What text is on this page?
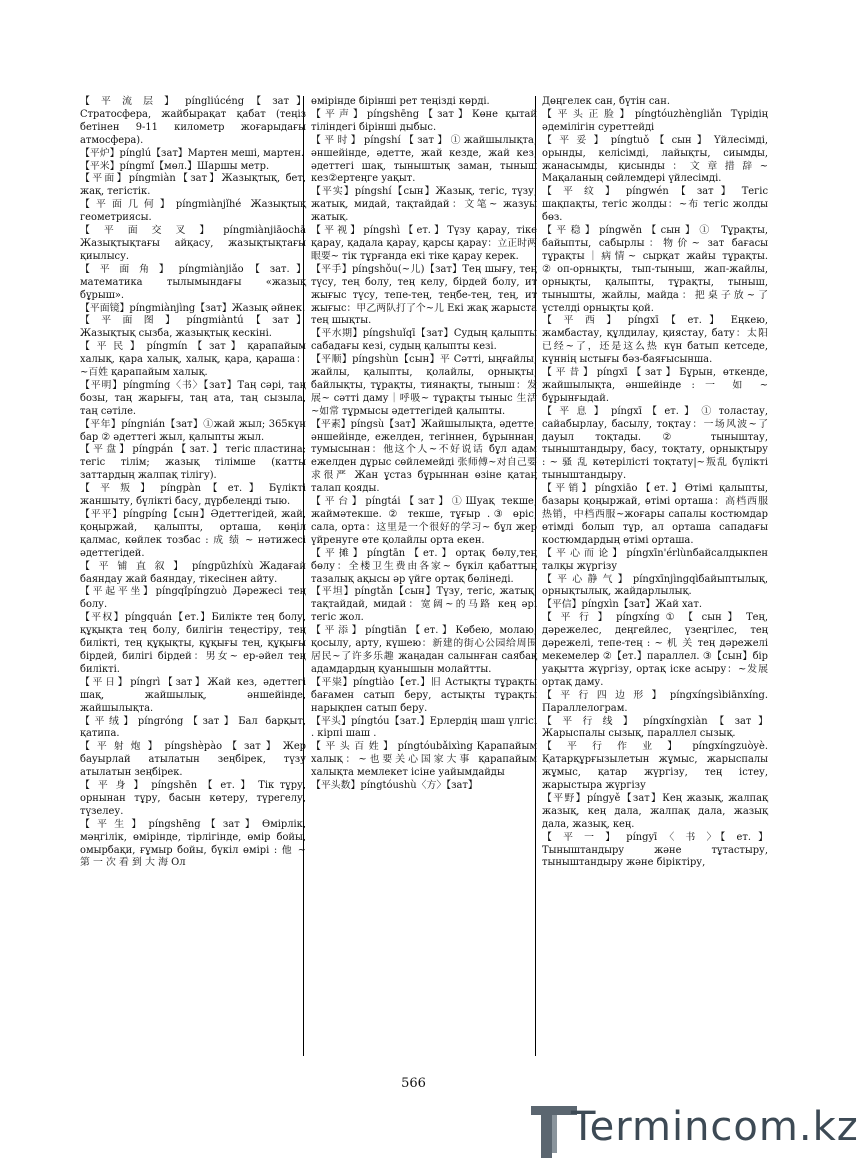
【 平 流 层 】 píngliúcéng 【 зат 】 Стратосфера, жайбырақат қабат (теңіз бетінен 9-11 километр жоғарыдағы атмосфера).

【平炉】pínglú【зат】Мартен меші, мартен.

【平米】píngmǐ【мөл.】Шаршы метр.

【平面】píngmiàn【зат】Жазықтық, бет, жақ, тегістік.

【平面几何】píngmiànjǐhé Жазықтық геометриясы.

【 平 面 交 叉 】 píngmiànjiāochā Жазықтықтағы айқасу, жазықтықтағы қиылысу.

【 平 面 角 】 píngmiànjiǎo 【 зат. 】 математика тылымындағы «жазық бұрыш».

【平面镜】píngmiànjìng【зат】Жазық әйнек.

【 平 面 图 】 píngmiàntú 【 зат 】 Жазықтық сызба, жазықтық кескіні.

【 平 民 】 píngmín 【 зат 】 қарапайым халық, қара халық, халық, қара, қараша：~百姓 қарапайым халық.

【平明】píngmíng〈书〉【зат】Таң сәрі, таң бозы, таң жарығы, таң ата, таң сызыла, таң сәтіле.

【平年】píngnián【зат】①жай жыл; 365күн бар ② әдеттегі жыл, қалыпты жыл.

【 平 盘 】 píngpán 【 зат. 】 тегіс пластина; тегіс тілім; жазық тілімше (катты заттардың жалпақ тілігу).

【 平 叛 】 píngpàn 【 ет. 】 Бүлікті жаншыту, бүлікті басу, дүрбелеңді тыю.

【平平】píngpíng【сын】Әдеттегідей, жай, қоңыржай, қалыпты, орташа, көңіл қалмас, көйлек тозбас : 成 绩 ~ нәтижесі әдеттегідей.

【 平 铺 直 叙 】 píngpūzhíxù Жадағай баяндау жай баяндау, тікесінен айту.

【平起平坐】píngqǐpíngzuò Дәрежесі тең болу.

【平权】píngquán【ет.】Билікте тең болу, құқықта тең болу, билігін теңестіру, тең биліктi, тең құқықты, құқығы тең, құқығы бірдей, билігі бірдей：男女~ ер-әйел тең билікті.

【平日】píngrì【зат】Жай кез, әдеттегі шақ, жайшылық, әншейінде, жайшылықта.

【平绒】píngróng【зат】Бал барқыт, қатипа.

【 平 射 炮 】 píngshèpào 【 зат 】 Жер бауырлай атылатын зеңбірек, түзу атылатын зеңбірек.

【 平 身 】 píngshēn 【 ет. 】 Тік тұру, орнынан тұру, басын көтеру, түрегелу, түзелеу.

【 平 生 】 píngshēng 【 зат 】 Өмірлік, мәңгілік, өмірінде, тірлігінде, өмір бойы, омырбақи, ғұмыр бойы, бүкіл өмірі : 他 ~ 第 一 次 看 到 大 海 Ол

өмірінде бірінші рет теңізді көрді.

【平声】píngshēng【зат】Көне қытай тіліндегі бірінші дыбыс.

【平时】píngshí【зат】①жайшылықта, әншейінде, әдетте, жай кезде, жай кез, әдеттегі шақ, тыныштық заман, тыныш кез②ертеңге уақыт.

【平实】píngshí【сын】Жазық, тегіс, түзу, жатық, мидай, тақтайдай：文笔~ жазуы жатық.

【平视】píngshì【ет.】Түзу қарау, тіке қарау, қадала қарау, қарсы қарау：立正时两眼要~ тік тұрғанда екі тіке қарау керек.

【平手】píngshǒu(~儿)【зат】Тең шығу, тең түсу, тең болу, тең келу, бірдей болу, ит жығыс түсу, тепе-тең, теңбе-тең, тең, ит жығыс：甲乙两队打了个~儿 Екі жақ жарыста тең шықты.

【平水期】píngshuǐqī【зат】Судың қалыпты сабадағы кезі, судың қалыпты кезі.

【平顺】píngshùn【сын】平 Сәтті, ыңғайлы, жайлы, қалыпты, қолайлы, орнықты, байлықты, тұрақты, тиянақты, тыныш：发展~ сәтті даму｜呼吸~ тұрақты тыныс 生活~如常 тұрмысы әдеттегідей қалыпты.

【平素】píngsù【зат】Жайшылықта, әдетте, әншейінде, ежелден, тегіннен, бұрыннан, тумысынан：他这个人~不好说话 бұл адам ежелден дұрыс сөйлемейді 张师傅~对自己要求很严 Жан ұстаз бұрыннан өзіне қатаң талап қояды.

【平台】píngtái【зат】①Шуақ текше, жаймәтекше. ② текше, тұғыр .③ өріс, сала, орта：这里是一个很好的学习~ бұл жер үйренуге өте қолайлы орта екен.

【平摊】píngtān【ет.】ортақ бөлу,тең бөлу：全楼卫生费由各家~ бүкіл қабаттың тазалық ақысы әр үйге ортақ бөлінеді.

【平坦】píngtǎn【сын】Түзу, тегіс, жатық, тақтайдай, мидай：宽阔~的马路 кең әрі тегіс жол.

【平添】píngtiān【ет.】Көбею, молаю, қосылу, арту, күшею：新建的街心公园给周围居民~了许多乐趣 жаңадан салынған саябақ адамдардың қуанышын молайтты.

【平粜】píngtiào【ет.】旧 Астықты тұрақты бағамен сатып беру, астықты тұрақты нарықпен сатып беру.

【平头】píngtóu【зат.】Ерлердің шаш үлгісі . кірпі шаш .

【 平 头 百 姓 】 píngtóubǎixìng Қарапайым халық：~也要关心国家大事 қарапайым халықта мемлекет ісіне уайымдайды

【平头数】píngtóushù〈方〉【зат】

Дөңгелек сан, бүтін сан.

【平头正脸】píngtóuzhèngliǎn Түрідің әдемілігін суреттейді

【 平 妥 】 píngtuǒ 【 сын 】 Үйлесімді, орынды, келісімді, лайықты, сиымды, жанасымды, қисынды：文章措辞~ Мақаланың сөйлемдері үйлесімді.

【 平 纹 】 píngwén 【 зат 】 Тегіс шақпақты, тегіс жолды：~布 тегіс жолды бөз.

【平稳】píngwěn【сын】① Тұрақты, байыпты, сабырлы：物价~ зат бағасы тұрақты｜病情~ сырқат жайы тұрақты. ②оп-орнықты, тып-тыныш, жап-жайлы, орнықты, қалыпты, тұрақты, тыныш, тынышты, жайлы, майда：把桌子放~了 үстелді орнықты қой.

【 平 西 】 píngxī 【 ет. 】 Еңкею, жамбастау, құлдилау, қиястау, бату：太阳已经~了，还是这么热 күн батып кетседе, күннің ыстығы бәз-баяғысынша.

【平昔】píngxī【зат】Бұрын, өткенде, жайшылықта, әншейінде : 一 如 ~ бұрынғыдай.

【 平 息 】 píngxī 【 ет. 】 ① толастау, сайабырлау, басылу, тоқтау：一场风波~了 дауыл тоқтады. ② тыныштау, тыныштандыру, басу, тоқтату, орнықтыру : ~ 骚 乱 көтерілісті тоқтату|~叛乱 бүлікті тыныштандыру.

【平销】píngxiāo【ет.】Өтімі қалыпты, базары қоңыржай, өтімі орташа：高档西服热销，中档西服~жоғары сапалы костюмдар өтімді болып тұр, ал орташа сападағы костюмдардың өтімі орташа.

【 平 心 而 论 】 píngxīn'érlùnбайсалдыкпен талқы жүргізу

【平心静气】píngxīnjìngqìбайыптылық, орнықтылық, жайдарлылық.

【平信】píngxìn【зат】Жай хат.

【 平 行 】 píngxíng ① 【 сын 】 Тең, дәрежелес, деңгейлес, үзеңгілес, тең дәрежелі, тепе-тең : ~ 机 关 тең дәрежелі мекемелер ②【ет.】параллел. ③【сын】бір уақытта жүргізу, ортақ іске асыру：~发展 ортақ даму.

【 平 行 四 边 形 】 píngxíngsìbiānxíng. Параллелограм.

【 平 行 线 】 píngxíngxiàn 【 зат 】 Жарыспалы сызық, параллел сызық.

【 平 行 作 业 】 píngxíngzuòyè. Қатарқұрғызылетын жұмыс, жарыспалы жұмыс, қатар жүргізу, тең істеу, жарыстыра жүргізу

【平野】píngyě【зат】Кең жазық, жалпақ жазық, кең дала, жалпақ дала, жазық дала, жазық, кең.

【 平 一 】 píngyī 〈 书 〉【 ет. 】 Тыныштандыру және тұтастыру, тыныштандыру және біріктіру,

566
Termincom.kz
